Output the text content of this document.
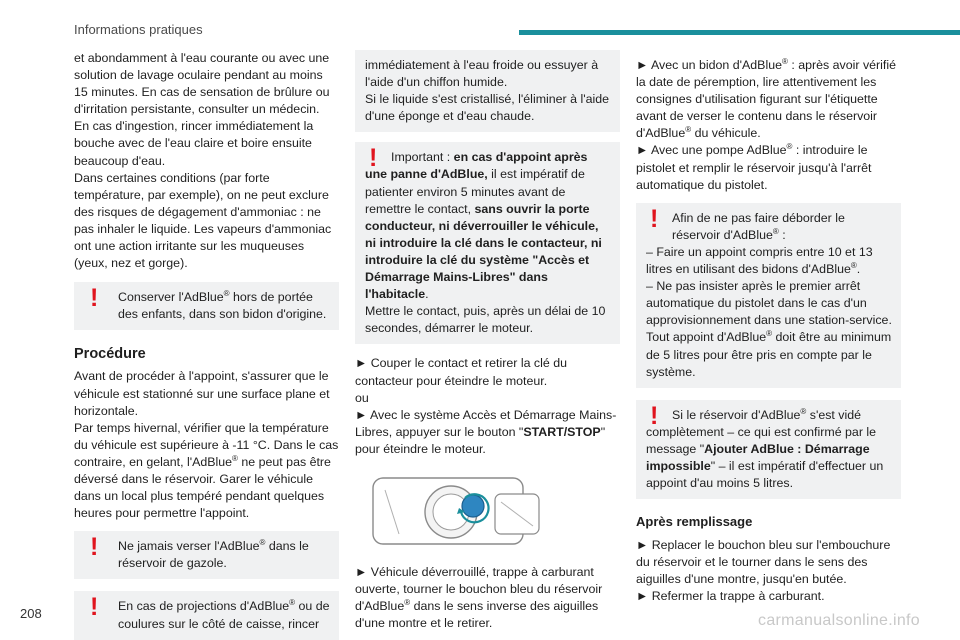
Informations pratiques

et abondamment à l'eau courante ou avec une solution de lavage oculaire pendant au moins 15 minutes. En cas de sensation de brûlure ou d'irritation persistante, consulter un médecin.

En cas d'ingestion, rincer immédiatement la bouche avec de l'eau claire et boire ensuite beaucoup d'eau.

Dans certaines conditions (par forte température, par exemple), on ne peut exclure des risques de dégagement d'ammoniac : ne pas inhaler le liquide. Les vapeurs d'ammoniac ont une action irritante sur les muqueuses (yeux, nez et gorge).

! Conserver l'AdBlue® hors de portée des enfants, dans son bidon d'origine.
Procédure

Avant de procéder à l'appoint, s'assurer que le véhicule est stationné sur une surface plane et horizontale.

Par temps hivernal, vérifier que la température du véhicule est supérieure à -11 °C. Dans le cas contraire, en gelant, l'AdBlue® ne peut pas être déversé dans le réservoir. Garer le véhicule dans un local plus tempéré pendant quelques heures pour permettre l'appoint.

! Ne jamais verser l'AdBlue® dans le réservoir de gazole.
! En cas de projections d'AdBlue® ou de coulures sur le côté de caisse, rincer
immédiatement à l'eau froide ou essuyer à l'aide d'un chiffon humide.
Si le liquide s'est cristallisé, l'éliminer à l'aide d'une éponge et d'eau chaude.
! Important : en cas d'appoint après une panne d'AdBlue, il est impératif de patienter environ 5 minutes avant de remettre le contact, sans ouvrir la porte conducteur, ni déverrouiller le véhicule, ni introduire la clé dans le contacteur, ni introduire la clé du système "Accès et Démarrage Mains-Libres" dans l'habitacle.
Mettre le contact, puis, après un délai de 10 secondes, démarrer le moteur.

► Couper le contact et retirer la clé du contacteur pour éteindre le moteur.

ou

► Avec le système Accès et Démarrage Mains-Libres, appuyer sur le bouton "START/STOP" pour éteindre le moteur.

► Véhicule déverrouillé, trappe à carburant ouverte, tourner le bouchon bleu du réservoir d'AdBlue® dans le sens inverse des aiguilles d'une montre et le retirer.

► Avec un bidon d'AdBlue® : après avoir vérifié la date de péremption, lire attentivement les consignes d'utilisation figurant sur l'étiquette avant de verser le contenu dans le réservoir d'AdBlue® du véhicule.

► Avec une pompe AdBlue® : introduire le pistolet et remplir le réservoir jusqu'à l'arrêt automatique du pistolet.

!	Afin de ne pas faire déborder le réservoir d'AdBlue® :
– Faire un appoint compris entre 10 et 13 litres en utilisant des bidons d'AdBlue®.
– Ne pas insister après le premier arrêt automatique du pistolet dans le cas d'un approvisionnement dans une station-service.
Tout appoint d'AdBlue® doit être au minimum de 5 litres pour être pris en compte par le système.
! Si le réservoir d'AdBlue® s'est vidé complètement – ce qui est confirmé par le message "Ajouter AdBlue : Démarrage impossible" – il est impératif d'effectuer un appoint d'au moins 5 litres.
Après remplissage

► Replacer le bouchon bleu sur l'embouchure du réservoir et le tourner dans le sens des aiguilles d'une montre, jusqu'en butée.

► Refermer la trappe à carburant.

208	carmanualsonline.info
